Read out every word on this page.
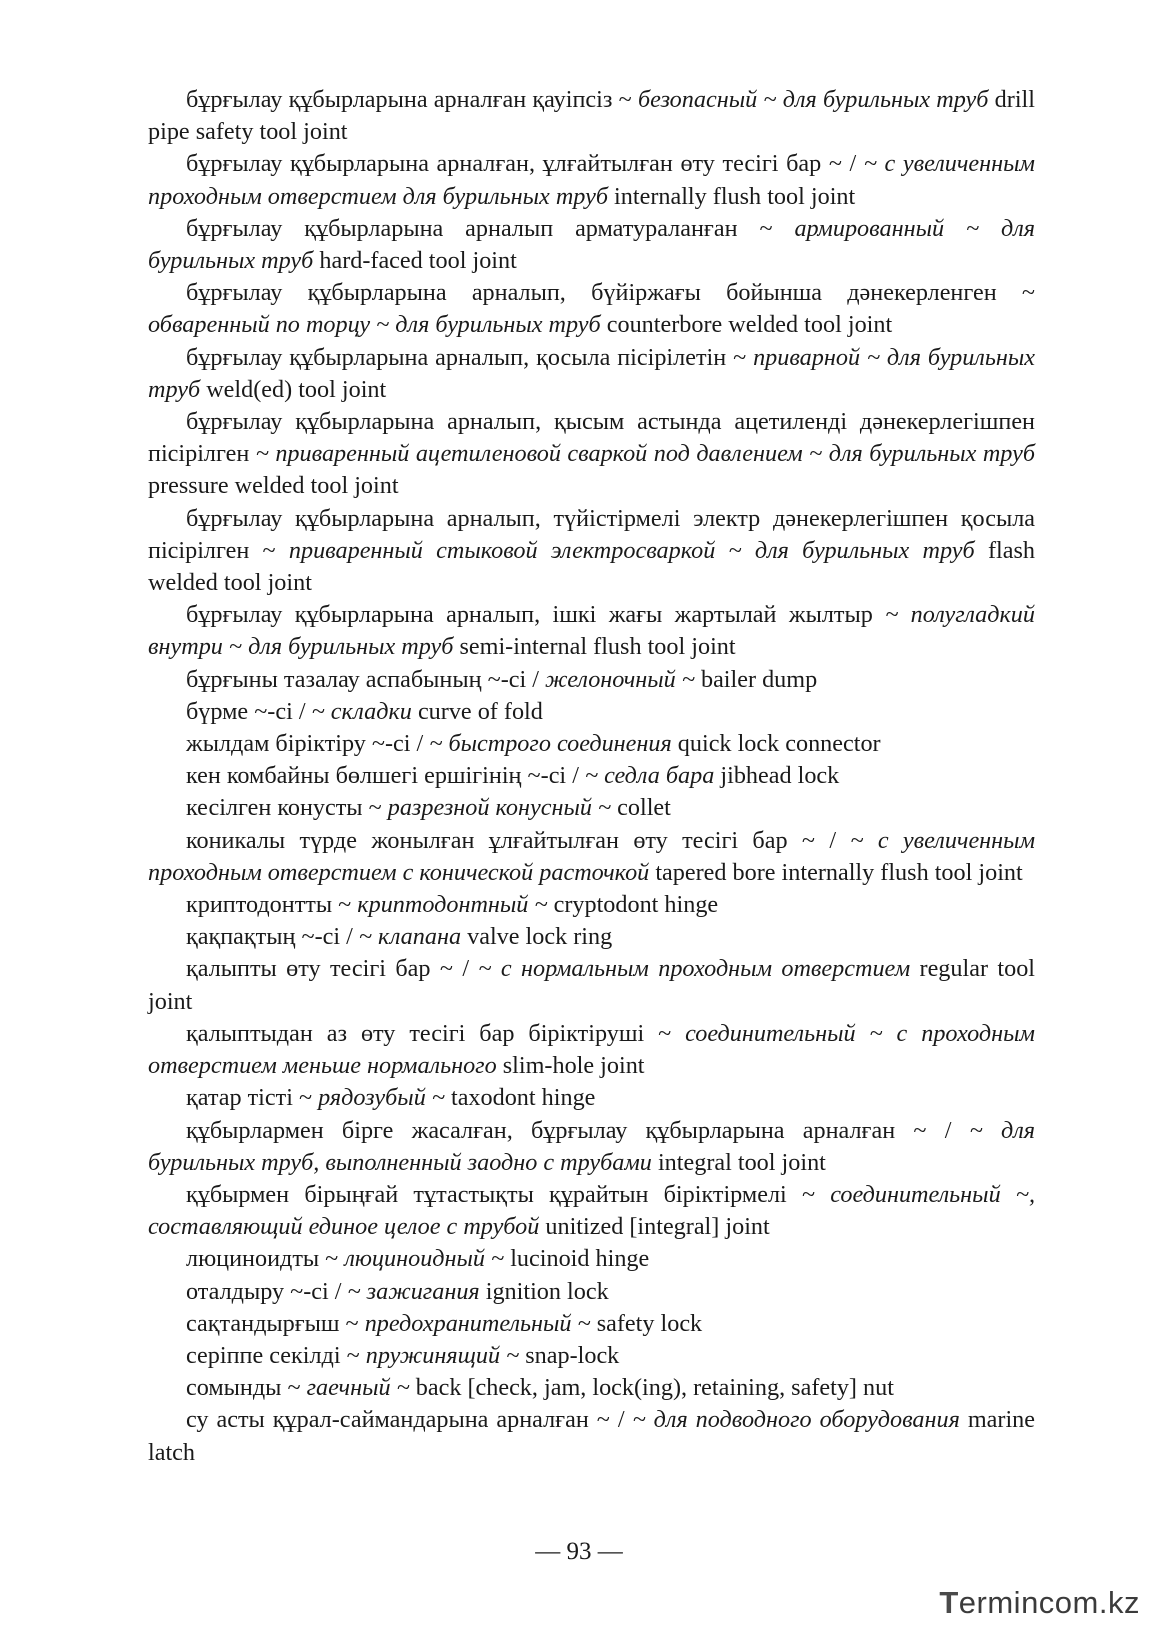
бұрғылау құбырларына арналған қауіпсіз ~ безопасный ~ для бурильных труб drill pipe safety tool joint

бұрғылау құбырларына арналған, ұлғайтылған өту тесігі бар ~ / ~ с увеличенным проходным отверстием для бурильных труб internally flush tool joint

бұрғылау құбырларына арналып арматураланған ~ армированный ~ для бурильных труб hard-faced tool joint

бұрғылау құбырларына арналып, бүйіржағы бойынша дәнекерленген ~ обваренный по торцу ~ для бурильных труб counterbore welded tool joint

бұрғылау құбырларына арналып, қосыла пісірілетін ~ приварной ~ для бурильных труб weld(ed) tool joint

бұрғылау құбырларына арналып, қысым астында ацетиленді дәнекерлегішпен пісірілген ~ приваренный ацетиленовой сваркой под давлением ~ для бурильных труб pressure welded tool joint

бұрғылау құбырларына арналып, түйістірмелі электр дәнекерлегішпен қосыла пісірілген ~ приваренный стыковой электросваркой ~ для бурильных труб flash welded tool joint

бұрғылау құбырларына арналып, ішкі жағы жартылай жылтыр ~ полугладкий внутри ~ для бурильных труб semi-internal flush tool joint

бұрғыны тазалау аспабының ~-сі / желоночный ~ bailer dump

бүрме ~-сі / ~ складки curve of fold

жылдам біріктіру ~-сі / ~ быстрого соединения quick lock connector

кен комбайны бөлшегі ершігінің ~-сі / ~ седла бара jibhead lock

кесілген конусты ~ разрезной конусный ~ collet

коникалы түрде жонылған ұлғайтылған өту тесігі бар ~ / ~ с увеличенным проходным отверстием с конической расточкой tapered bore internally flush tool joint

криптодонтты ~ криптодонтный ~ cryptodont hinge

қақпақтың ~-сі / ~ клапана valve lock ring

қалыпты өту тесігі бар ~ / ~ с нормальным проходным отверстием regular tool joint

қалыптыдан аз өту тесігі бар біріктіруші ~ соединительный ~ с проходным отверстием меньше нормального slim-hole joint

қатар тісті ~ рядозубый ~ taxodont hinge

құбырлармен бірге жасалған, бұрғылау құбырларына арналған ~ / ~ для бурильных труб, выполненный заодно с трубами integral tool joint

құбырмен бірыңғай тұтастықты құрайтын біріктірмелі ~ соединительный ~, составляющий единое целое с трубой unitized [integral] joint

люциноидты ~ люциноидный ~ lucinoid hinge

оталдыру ~-сі / ~ зажигания ignition lock

сақтандырғыш ~ предохранительный ~ safety lock

серіппе секілді ~ пружинящий ~ snap-lock

сомынды ~ гаечный ~ back [check, jam, lock(ing), retaining, safety] nut

су асты құрал-саймандарына арналған ~ / ~ для подводного оборудования marine latch

— 93 —
Termincom.kz
